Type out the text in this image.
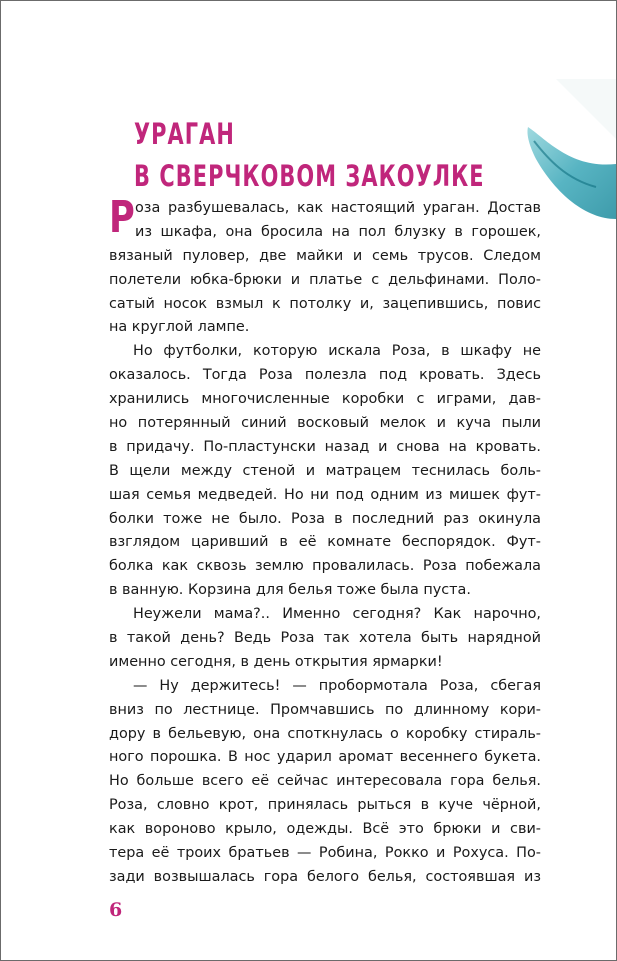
УРАГАН
В СВЕРЧКОВОМ ЗАКОУЛКЕ
Р оза разбушевалась, как настоящий ураган. Достав
из шкафа, она бросила на пол блузку в горошек,
вязаный пуловер, две майки и семь трусов. Следом
полетели юбка-брюки и платье с дельфинами. Поло-
сатый носок взмыл к потолку и, зацепившись, повис
на круглой лампе.
Но футболки, которую искала Роза, в шкафу не
оказалось. Тогда Роза полезла под кровать. Здесь
хранились многочисленные коробки с играми, дав-
но потерянный синий восковый мелок и куча пыли
в придачу. По-пластунски назад и снова на кровать.
В щели между стеной и матрацем теснилась боль-
шая семья медведей. Но ни под одним из мишек фут-
болки тоже не было. Роза в последний раз окинула
взглядом царивший в её комнате беспорядок. Фут-
болка как сквозь землю провалилась. Роза побежала
в ванную. Корзина для белья тоже была пуста.
Неужели мама?.. Именно сегодня? Как нарочно,
в такой день? Ведь Роза так хотела быть нарядной
именно сегодня, в день открытия ярмарки!
— Ну держитесь! — пробормотала Роза, сбегая
вниз по лестнице. Промчавшись по длинному кори-
дору в бельевую, она споткнулась о коробку стираль-
ного порошка. В нос ударил аромат весеннего букета.
Но больше всего её сейчас интересовала гора белья.
Роза, словно крот, принялась рыться в куче чёрной,
как вороново крыло, одежды. Всё это брюки и сви-
тера её троих братьев — Робина, Рокко и Рохуса. По-
зади возвышалась гора белого белья, состоявшая из
6
